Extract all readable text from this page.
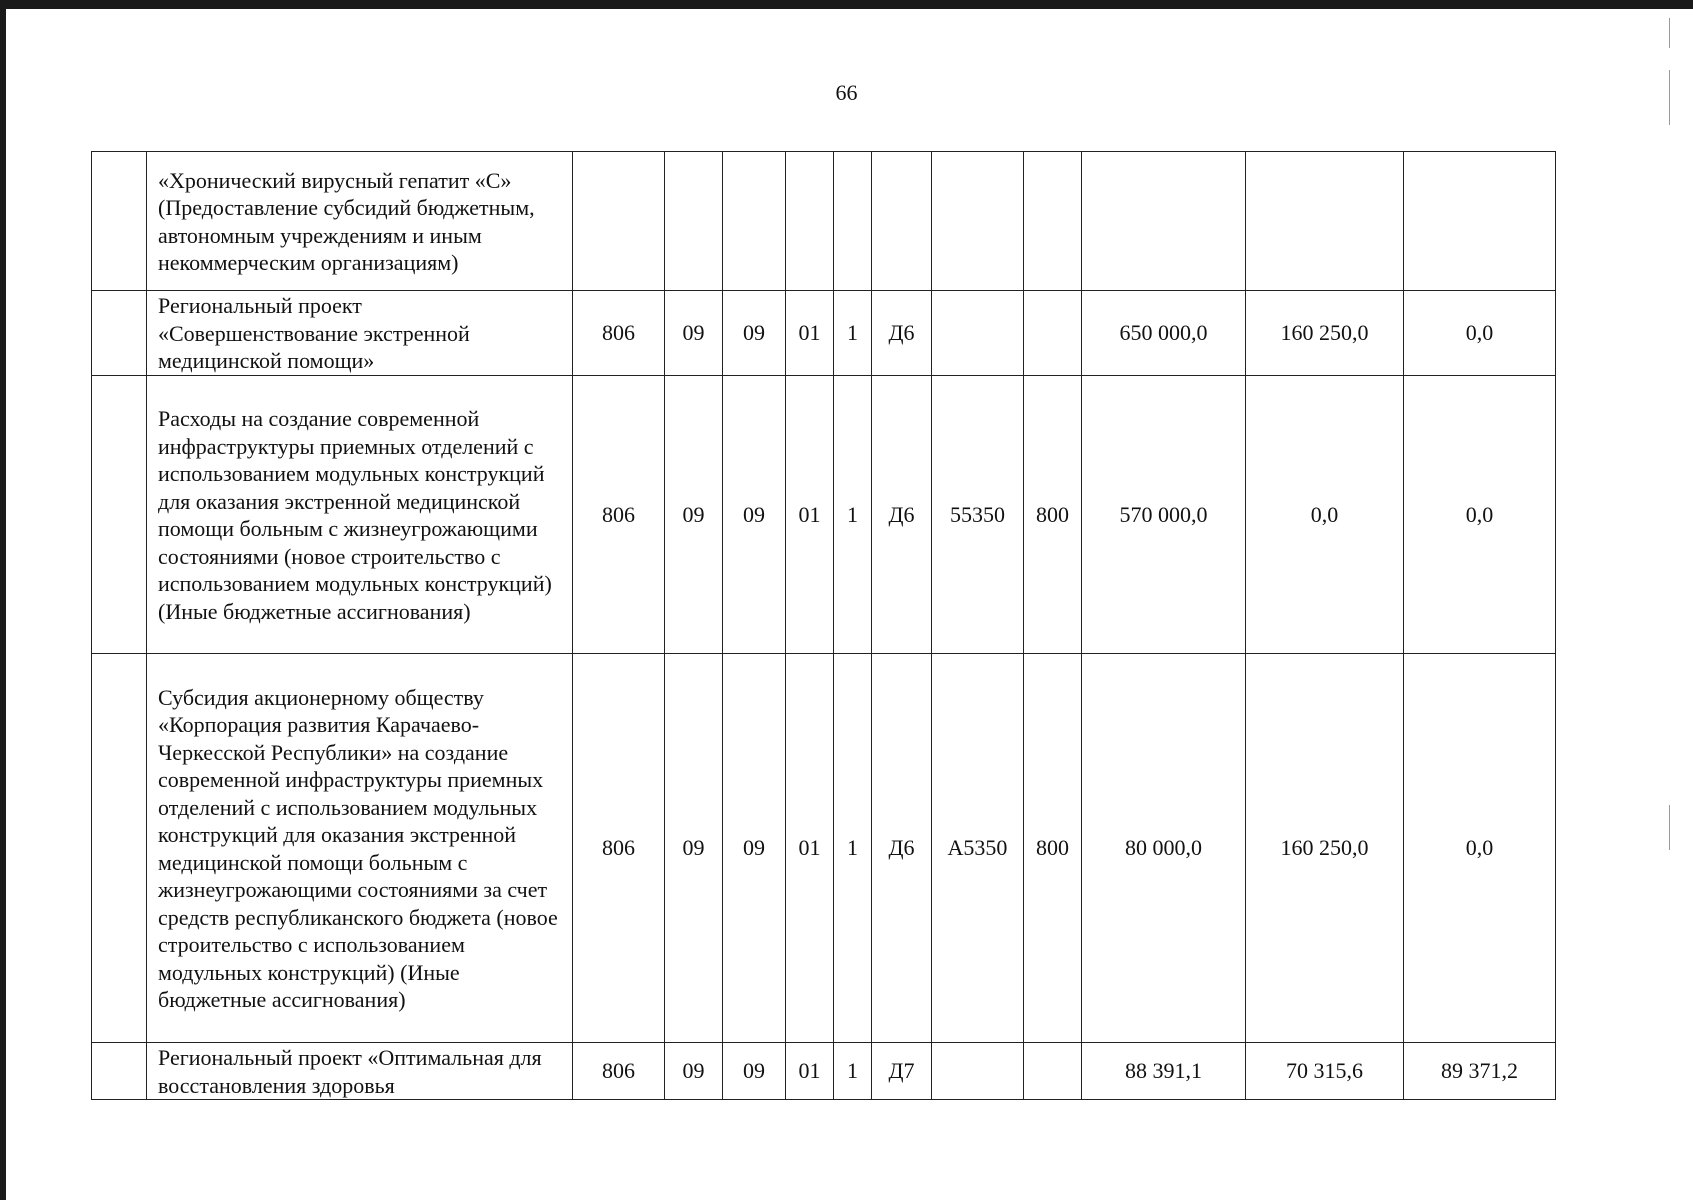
66
	«Хронический вирусный гепатит «С» (Предоставление субсидий бюджетным, автономным учреждениям и иным некоммерческим организациям)											
	Региональный проект «Совершенствование экстренной медицинской помощи»	806	09	09	01	1	Д6			650 000,0	160 250,0	0,0
	Расходы на создание современной инфраструктуры приемных отделений с использованием модульных конструкций для оказания экстренной медицинской помощи больным с жизнеугрожающими состояниями (новое строительство с использованием модульных конструкций) (Иные бюджетные ассигнования)	806	09	09	01	1	Д6	55350	800	570 000,0	0,0	0,0
	Субсидия акционерному обществу «Корпорация развития Карачаево-Черкесской Республики» на создание современной инфраструктуры приемных отделений с использованием модульных конструкций для оказания экстренной медицинской помощи больным с жизнеугрожающими состояниями за счет средств республиканского бюджета (новое строительство с использованием модульных конструкций) (Иные бюджетные ассигнования)	806	09	09	01	1	Д6	А5350	800	80 000,0	160 250,0	0,0
	Региональный проект «Оптимальная для восстановления здоровья	806	09	09	01	1	Д7			88 391,1	70 315,6	89 371,2
